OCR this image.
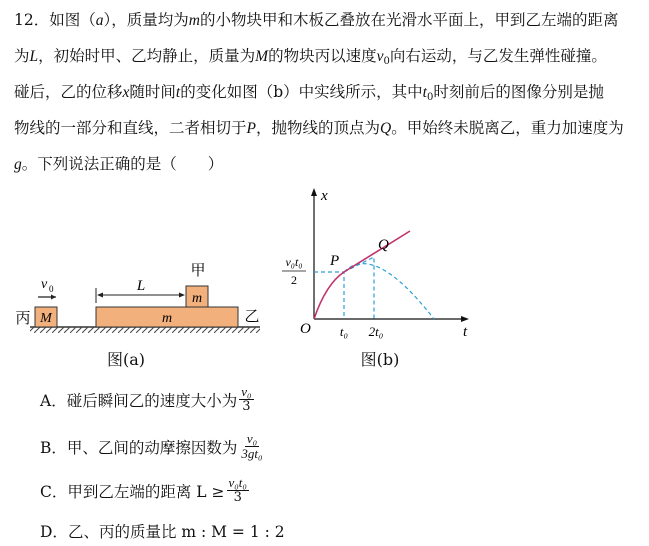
12．如图（a），质量均为m的小物块甲和木板乙叠放在光滑水平面上，甲到乙左端的距离
为L，初始时甲、乙均静止，质量为M的物块丙以速度$v_0$向右运动，与乙发生弹性碰撞。
碰后，乙的位移x随时间t的变化如图（b）中实线所示，其中$t_0$时刻前后的图像分别是抛
物线的一部分和直线，二者相切于P，抛物线的顶点为Q。甲始终未脱离乙，重力加速度为
g。下列说法正确的是（　　）
M
丙
v 0
m	乙
m
甲
L
图(a)
x
t
O
v₀t₀
2
P
Q
t₀ 2t₀
图(b)
A． 碰后瞬间乙的速度大小为 $\frac{\text{v₀}}{3}$
B． 甲、乙间的动摩擦因数为 $\frac{\text{v₀}}{\text{3gt₀}}$
C． 甲到乙左端的距离 $L \ge \frac{\text{v₀t₀}}{3}$
D． 乙、丙的质量比 m : M = 1 : 2
